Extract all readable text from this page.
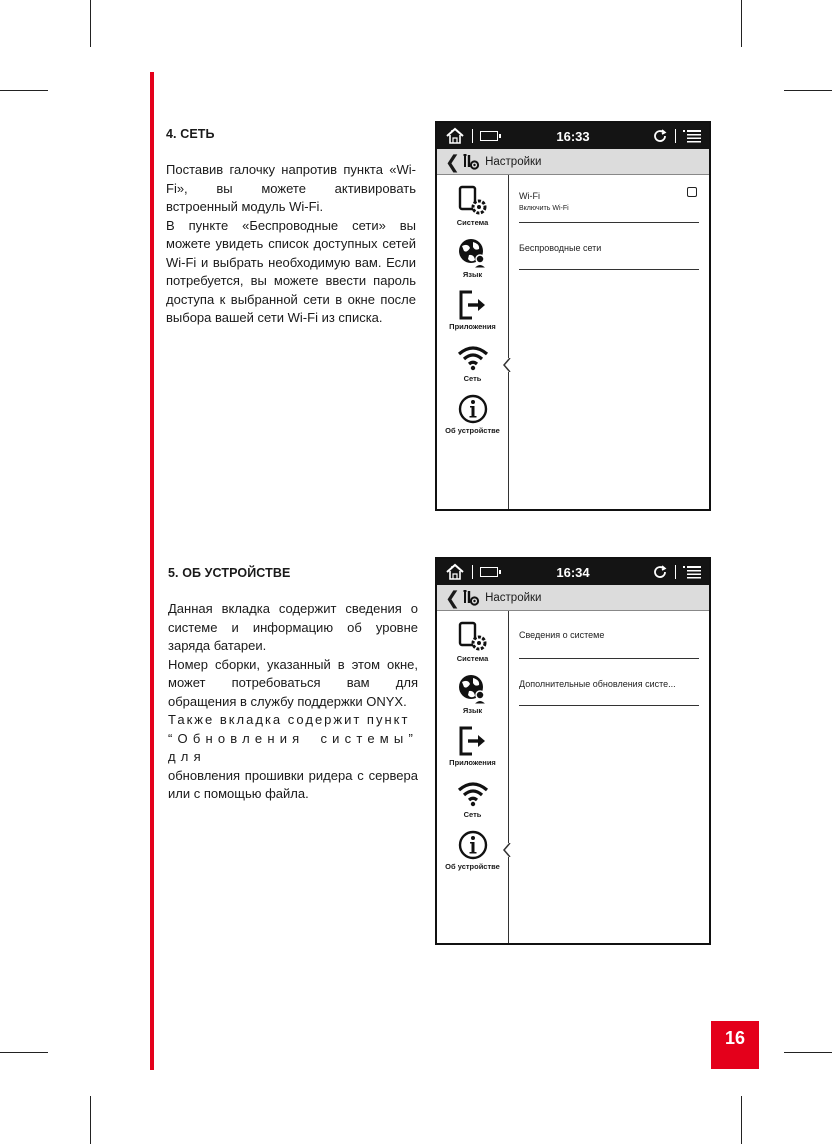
4. СЕТЬ

Поставив галочку напротив пункта «Wi-Fi», вы можете активировать встроенный модуль Wi-Fi.

В пункте «Беспроводные сети» вы можете увидеть список доступных сетей Wi-Fi и выбрать необходимую вам. Если потребуется, вы можете ввести пароль доступа к выбранной сети в окне после выбора вашей сети Wi-Fi из списка.

5. ОБ УСТРОЙСТВЕ

Данная вкладка содержит сведения о системе и информацию об уровне заряда батареи.

Номер сборки, указанный в этом окне, может потребоваться вам для обращения в службу поддержки ONYX.

Также вкладка содержит пункт
“Обновления системы” для
обновления прошивки ридера с сервера или с помощью файла.

16:33
❮ Настройки
Система
Язык
Приложения
Сеть
Об устройстве
Wi-Fi
Включить Wi-Fi
Беспроводные сети
16:34
❮ Настройки
Система
Язык
Приложения
Сеть
Об устройстве
Сведения о системе
Дополнительные обновления систе...
16
